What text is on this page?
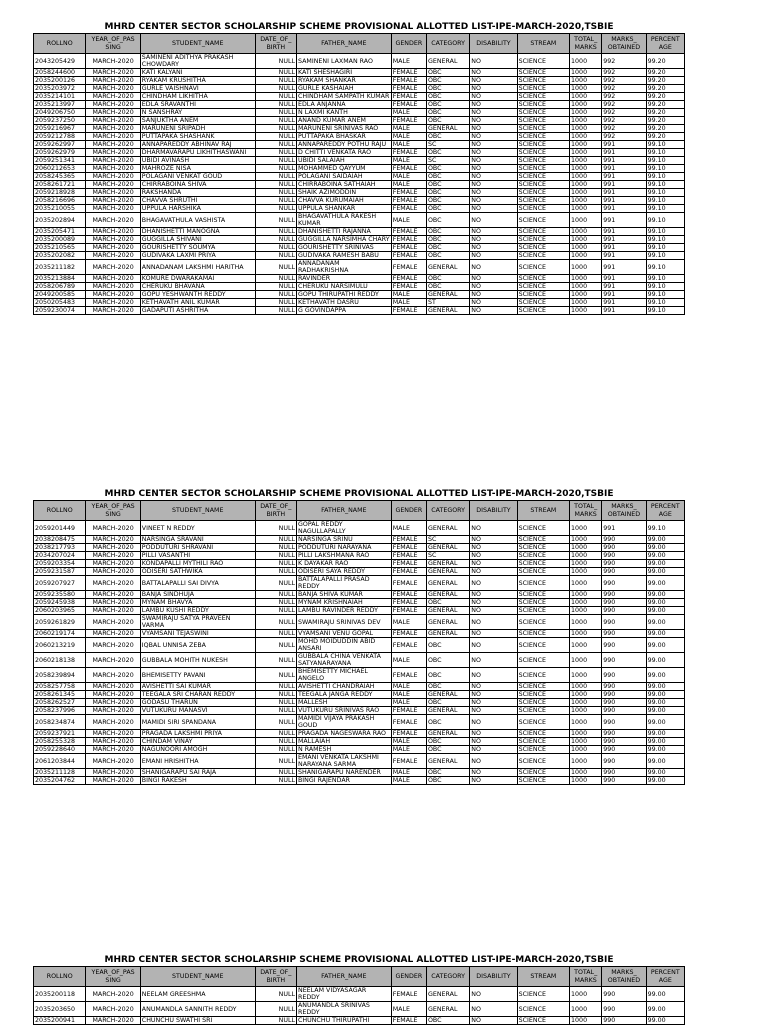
MHRD CENTER SECTOR SCHOLARSHIP SCHEME PROVISIONAL ALLOTTED LIST-IPE-MARCH-2020,TSBIE
ROLLNO	YEAR_OF_PAS SING	STUDENT_NAME	DATE_OF_ BIRTH	FATHER_NAME	GENDER	CATEGORY	DISABILITY	STREAM	TOTAL_ MARKS	MARKS_ OBTAINED	PERCENT AGE
2043205429	MARCH-2020	SAMINENI ADITHYA PRAKASH CHOWDARY	NULL	SAMINENI LAXMAN RAO	MALE	GENERAL	NO	SCIENCE	1000	992	99.20
2058244600	MARCH-2020	KATI KALYANI	NULL	KATI SHESHAGIRI	FEMALE	OBC	NO	SCIENCE	1000	992	99.20
2035200126	MARCH-2020	RYAKAM KRUSHITHA	NULL	RYAKAM SHANKAR	FEMALE	OBC	NO	SCIENCE	1000	992	99.20
2035203972	MARCH-2020	GURLE VAISHNAVI	NULL	GURLE KASHAIAH	FEMALE	OBC	NO	SCIENCE	1000	992	99.20
2035214101	MARCH-2020	CHINDHAM LIKHITHA	NULL	CHINDHAM SAMPATH KUMAR	FEMALE	OBC	NO	SCIENCE	1000	992	99.20
2035213997	MARCH-2020	EDLA SRAVANTHI	NULL	EDLA ANJANNA	FEMALE	OBC	NO	SCIENCE	1000	992	99.20
2049206750	MARCH-2020	N SANSHRAY	NULL	N LAXMI KANTH	MALE	OBC	NO	SCIENCE	1000	992	99.20
2059237250	MARCH-2020	SANJUKTHA ANEM	NULL	ANAND KUMAR ANEM	FEMALE	OBC	NO	SCIENCE	1000	992	99.20
2059216967	MARCH-2020	MARUNENI SRIPADH	NULL	MARUNENI SRINIVAS RAO	MALE	GENERAL	NO	SCIENCE	1000	992	99.20
2059212788	MARCH-2020	PUTTAPAKA SHASHANK	NULL	PUTTAPAKA BHASKAR	MALE	OBC	NO	SCIENCE	1000	992	99.20
2059262997	MARCH-2020	ANNAPAREDDY ABHINAV RAJ	NULL	ANNAPAREDDY POTHU RAJU	MALE	SC	NO	SCIENCE	1000	991	99.10
2059262979	MARCH-2020	DHARMAVARAPU LIKHITHASWANI	NULL	D CHITTI VENKATA RAO	FEMALE	OBC	NO	SCIENCE	1000	991	99.10
2059251341	MARCH-2020	UBIDI AVINASH	NULL	UBIDI SALAIAH	MALE	SC	NO	SCIENCE	1000	991	99.10
2060212653	MARCH-2020	MAHROZE NISA	NULL	MOHAMMED QAYYUM	FEMALE	OBC	NO	SCIENCE	1000	991	99.10
2058245365	MARCH-2020	POLAGANI VENKAT GOUD	NULL	POLAGANI SAIDAIAH	MALE	OBC	NO	SCIENCE	1000	991	99.10
2058261721	MARCH-2020	CHIRRABOINA SHIVA	NULL	CHIRRABOINA SATHAIAH	MALE	OBC	NO	SCIENCE	1000	991	99.10
2059218928	MARCH-2020	RAKSHANDA	NULL	SHAIK AZIMODDIN	FEMALE	OBC	NO	SCIENCE	1000	991	99.10
2058216696	MARCH-2020	CHAVVA SHRUTHI	NULL	CHAVVA KURUMAIAH	FEMALE	OBC	NO	SCIENCE	1000	991	99.10
2035210055	MARCH-2020	UPPULA HARSHIKA	NULL	UPPULA SHANKAR	FEMALE	OBC	NO	SCIENCE	1000	991	99.10
2035202894	MARCH-2020	BHAGAVATHULA VASHISTA	NULL	BHAGAVATHULA RAKESH KUMAR	MALE	OBC	NO	SCIENCE	1000	991	99.10
2035205471	MARCH-2020	DHANISHETTI MANOGNA	NULL	DHANISHETTI RAJANNA	FEMALE	OBC	NO	SCIENCE	1000	991	99.10
2035200089	MARCH-2020	GUGGILLA SHIVANI	NULL	GUGGILLA NARSIMHA CHARY	FEMALE	OBC	NO	SCIENCE	1000	991	99.10
2035210565	MARCH-2020	GOURISHETTY SOUMYA	NULL	GOURISHETTY SRINIVAS	FEMALE	OBC	NO	SCIENCE	1000	991	99.10
2035202082	MARCH-2020	GUDIVAKA LAXMI PRIYA	NULL	GUDIVAKA RAMESH BABU	FEMALE	OBC	NO	SCIENCE	1000	991	99.10
2035211182	MARCH-2020	ANNADANAM LAKSHMI HARITHA	NULL	ANNADANAM RADHAKRISHNA	FEMALE	GENERAL	NO	SCIENCE	1000	991	99.10
2035213884	MARCH-2020	KOMURE DWARAKAMAI	NULL	RAVINDER	FEMALE	OBC	NO	SCIENCE	1000	991	99.10
2058206789	MARCH-2020	CHERUKU BHAVANA	NULL	CHERUKU NARSIMULU	FEMALE	OBC	NO	SCIENCE	1000	991	99.10
2049200585	MARCH-2020	GOPU YESHWANTH REDDY	NULL	GOPU THIRUPATHI REDDY	MALE	GENERAL	NO	SCIENCE	1000	991	99.10
2050205483	MARCH-2020	KETHAVATH ANIL KUMAR	NULL	KETHAVATH DASRU	MALE	ST	NO	SCIENCE	1000	991	99.10
2059230074	MARCH-2020	GADAPUTI ASHRITHA	NULL	G GOVINDAPPA	FEMALE	GENERAL	NO	SCIENCE	1000	991	99.10
MHRD CENTER SECTOR SCHOLARSHIP SCHEME PROVISIONAL ALLOTTED LIST-IPE-MARCH-2020,TSBIE
ROLLNO	YEAR_OF_PAS SING	STUDENT_NAME	DATE_OF_ BIRTH	FATHER_NAME	GENDER	CATEGORY	DISABILITY	STREAM	TOTAL_ MARKS	MARKS_ OBTAINED	PERCENT AGE
2059201449	MARCH-2020	VINEET N REDDY	NULL	GOPAL REDDY NAGULLAPALLY	MALE	GENERAL	NO	SCIENCE	1000	991	99.10
2038208475	MARCH-2020	NARSINGA SRAVANI	NULL	NARSINGA SRINU	FEMALE	SC	NO	SCIENCE	1000	990	99.00
2038217793	MARCH-2020	PODDUTURI SHRAVANI	NULL	PODDUTURI NARAYANA	FEMALE	GENERAL	NO	SCIENCE	1000	990	99.00
2034207024	MARCH-2020	PILLI VASANTHI	NULL	PILLI LAKSHMANA RAO	FEMALE	SC	NO	SCIENCE	1000	990	99.00
2059203354	MARCH-2020	KONDAPALLI MYTHILI RAO	NULL	K DAYAKAR RAO	FEMALE	GENERAL	NO	SCIENCE	1000	990	99.00
2059231587	MARCH-2020	ODISERI SATHWIKA	NULL	ODISERI SAYA REDDY	FEMALE	GENERAL	NO	SCIENCE	1000	990	99.00
2059207927	MARCH-2020	BATTALAPALLI SAI DIVYA	NULL	BATTALAPALLI PRASAD REDDY	FEMALE	GENERAL	NO	SCIENCE	1000	990	99.00
2059235580	MARCH-2020	BANJA SINDHUJA	NULL	BANJA SHIVA KUMAR	FEMALE	GENERAL	NO	SCIENCE	1000	990	99.00
2059245938	MARCH-2020	MYNAM BHAVYA	NULL	MYNAM KRISHNAIAH	FEMALE	OBC	NO	SCIENCE	1000	990	99.00
2060203965	MARCH-2020	LAMBU KUSHI REDDY	NULL	LAMBU RAVINDER REDDY	FEMALE	GENERAL	NO	SCIENCE	1000	990	99.00
2059261829	MARCH-2020	SWAMIRAJU SATYA PRAVEEN VARMA	NULL	SWAMIRAJU SRINIVAS DEV	MALE	GENERAL	NO	SCIENCE	1000	990	99.00
2060219174	MARCH-2020	VYAMSANI TEJASWINI	NULL	VYAMSANI VENU GOPAL	FEMALE	GENERAL	NO	SCIENCE	1000	990	99.00
2060213219	MARCH-2020	IQBAL UNNISA ZEBA	NULL	MOHD MOIDUDDIN ABID ANSARI	FEMALE	OBC	NO	SCIENCE	1000	990	99.00
2060218138	MARCH-2020	GUBBALA MOHITH NUKESH	NULL	GUBBALA CHINA VENKATA SATYANARAYANA	MALE	OBC	NO	SCIENCE	1000	990	99.00
2058239894	MARCH-2020	BHEMISETTY PAVANI	NULL	BHEMISETTY MICHAEL ANGELO	FEMALE	OBC	NO	SCIENCE	1000	990	99.00
2058257758	MARCH-2020	AVISHETTI SAI KUMAR	NULL	AVISHETTI CHANDRAIAH	MALE	OBC	NO	SCIENCE	1000	990	99.00
2058261345	MARCH-2020	TEEGALA SRI CHARAN REDDY	NULL	TEEGALA JANGA REDDY	MALE	GENERAL	NO	SCIENCE	1000	990	99.00
2058262527	MARCH-2020	GODASU THARUN	NULL	MALLESH	MALE	OBC	NO	SCIENCE	1000	990	99.00
2058237996	MARCH-2020	VUTUKURU MANASVI	NULL	VUTUKURU SRINIVAS RAO	FEMALE	GENERAL	NO	SCIENCE	1000	990	99.00
2058234874	MARCH-2020	MAMIDI SIRI SPANDANA	NULL	MAMIDI VIJAYA PRAKASH GOUD	FEMALE	OBC	NO	SCIENCE	1000	990	99.00
2059237921	MARCH-2020	PRAGADA LAKSHMI PRIYA	NULL	PRAGADA NAGESWARA RAO	FEMALE	GENERAL	NO	SCIENCE	1000	990	99.00
2058255328	MARCH-2020	CHINDAM VINAY	NULL	MALLAIAH	MALE	OBC	NO	SCIENCE	1000	990	99.00
2059228640	MARCH-2020	NAGUNOORI AMOGH	NULL	N RAMESH	MALE	OBC	NO	SCIENCE	1000	990	99.00
2061203844	MARCH-2020	EMANI HRISHITHA	NULL	EMANI VENKATA LAKSHMI NARAYANA SARMA	FEMALE	GENERAL	NO	SCIENCE	1000	990	99.00
2035211128	MARCH-2020	SHANIGARAPU SAI RAJA	NULL	SHANIGARAPU NARENDER	MALE	OBC	NO	SCIENCE	1000	990	99.00
2035204762	MARCH-2020	BINGI RAKESH	NULL	BINGI RAJENDAR	MALE	OBC	NO	SCIENCE	1000	990	99.00
MHRD CENTER SECTOR SCHOLARSHIP SCHEME PROVISIONAL ALLOTTED LIST-IPE-MARCH-2020,TSBIE
ROLLNO	YEAR_OF_PAS SING	STUDENT_NAME	DATE_OF_ BIRTH	FATHER_NAME	GENDER	CATEGORY	DISABILITY	STREAM	TOTAL_ MARKS	MARKS_ OBTAINED	PERCENT AGE
2035200118	MARCH-2020	NEELAM GREESHMA	NULL	NEELAM VIDYASAGAR REDDY	FEMALE	GENERAL	NO	SCIENCE	1000	990	99.00
2035203650	MARCH-2020	ANUMANDLA SANNITH REDDY	NULL	ANUMANDLA SRINIVAS REDDY	MALE	GENERAL	NO	SCIENCE	1000	990	99.00
2035200941	MARCH-2020	CHUNCHU SWATHI SRI	NULL	CHUNCHU THIRUPATHI	FEMALE	OBC	NO	SCIENCE	1000	990	99.00
